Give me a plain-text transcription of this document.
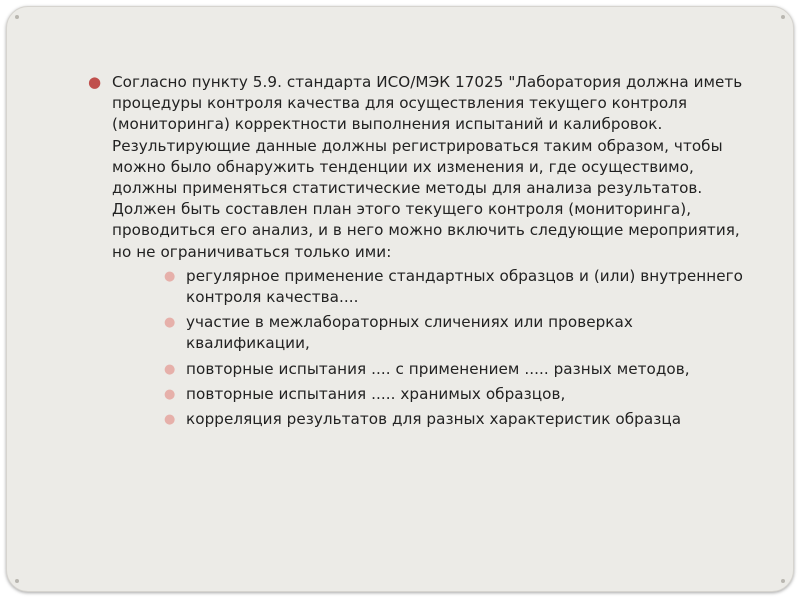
● Согласно пункту 5.9. стандарта ИСО/МЭК 17025 "Лаборатория должна иметь процедуры контроля качества для осуществления текущего контроля (мониторинга) корректности выполнения испытаний и калибровок. Результирующие данные должны регистрироваться таким образом, чтобы можно было обнаружить тенденции их изменения и, где осуществимо, должны применяться статистические методы для анализа результатов. Должен быть составлен план этого текущего контроля (мониторинга), проводиться его анализ, и в него можно включить следующие мероприятия, но не ограничиваться только ими:
● регулярное применение стандартных образцов и (или) внутреннего контроля качества....
● участие в межлабораторных сличениях или проверках квалификации,
● повторные испытания .... с применением ..... разных методов,
● повторные испытания ..... хранимых образцов,
● корреляция результатов для разных характеристик образца
